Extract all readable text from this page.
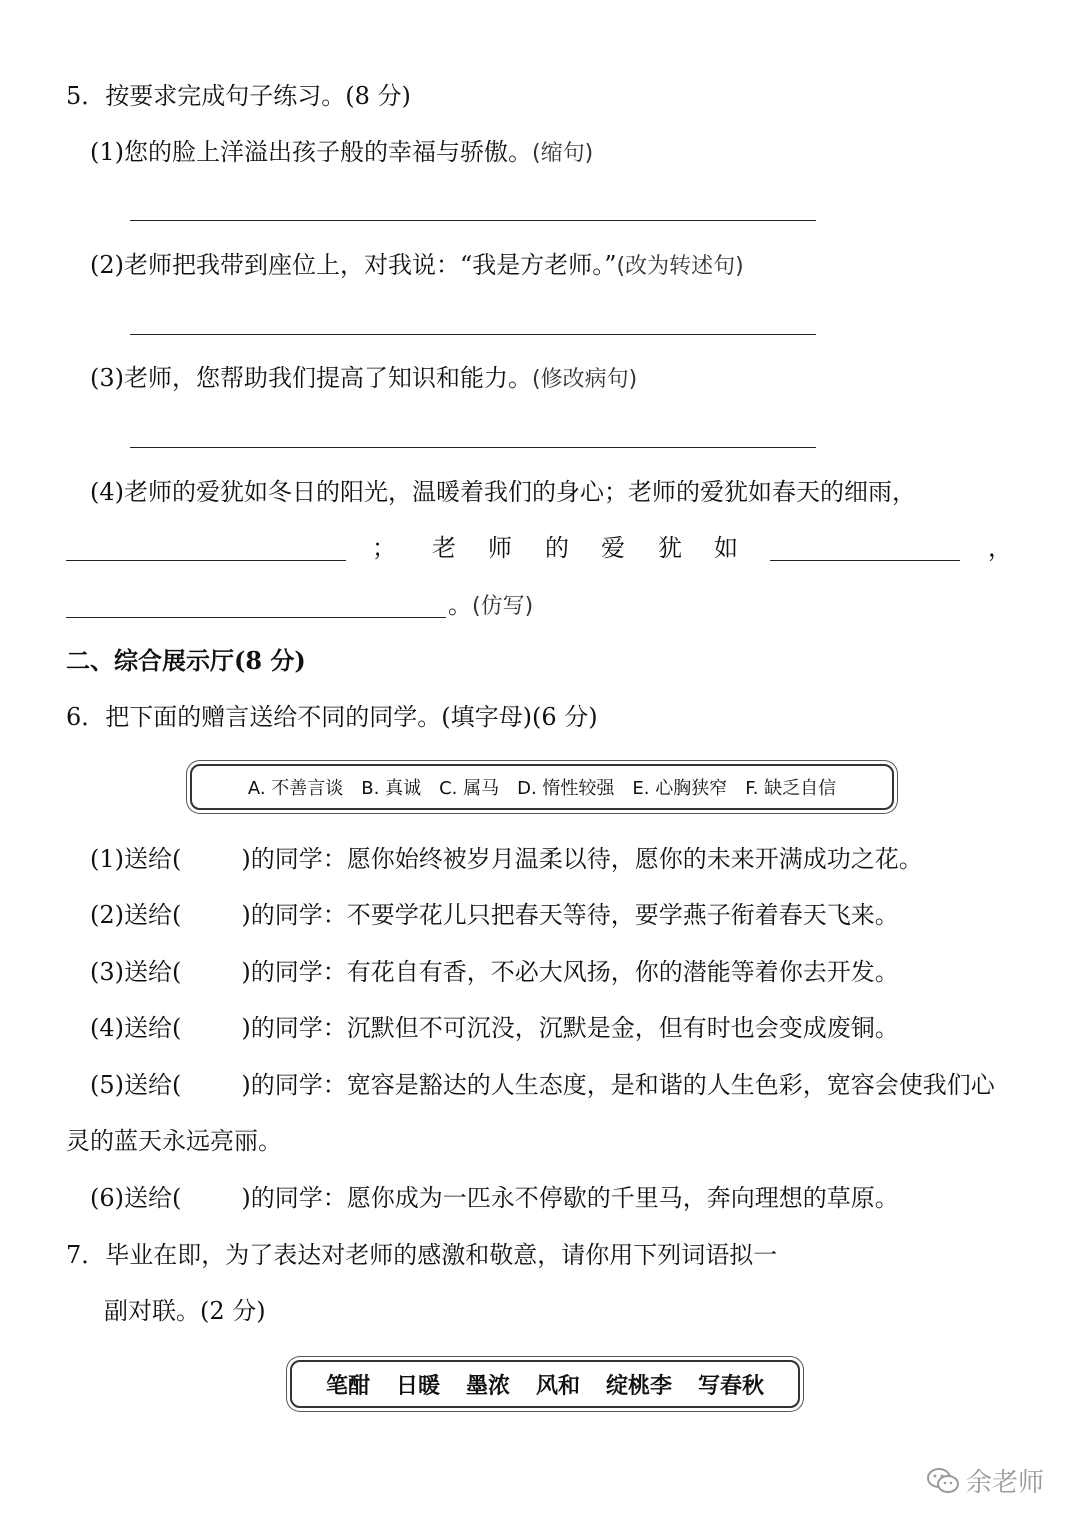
5．按要求完成句子练习。(8 分)
(1)您的脸上洋溢出孩子般的幸福与骄傲。(缩句)
(2)老师把我带到座位上，对我说：“我是方老师。”(改为转述句)
(3)老师，您帮助我们提高了知识和能力。(修改病句)
(4)老师的爱犹如冬日的阳光，温暖着我们的身心；老师的爱犹如春天的细雨，
； 老 师 的 爱 犹 如	，
。(仿写)
二、综合展示厅(8 分)
6．把下面的赠言送给不同的同学。(填字母)(6 分)
A. 不善言谈 B. 真诚 C. 属马 D. 惰性较强 E. 心胸狭窄 F. 缺乏自信
(1)送给(	)的同学：愿你始终被岁月温柔以待，愿你的未来开满成功之花。
(2)送给(	)的同学：不要学花儿只把春天等待，要学燕子衔着春天飞来。
(3)送给(	)的同学：有花自有香，不必大风扬，你的潜能等着你去开发。
(4)送给(	)的同学：沉默但不可沉没，沉默是金，但有时也会变成废铜。
(5)送给(	)的同学：宽容是豁达的人生态度，是和谐的人生色彩，宽容会使我们心
灵的蓝天永远亮丽。
(6)送给(	)的同学：愿你成为一匹永不停歇的千里马，奔向理想的草原。
7．毕业在即，为了表达对老师的感激和敬意，请你用下列词语拟一
副对联。(2 分)
笔酣 日暖 墨浓 风和 绽桃李 写春秋
余老师
